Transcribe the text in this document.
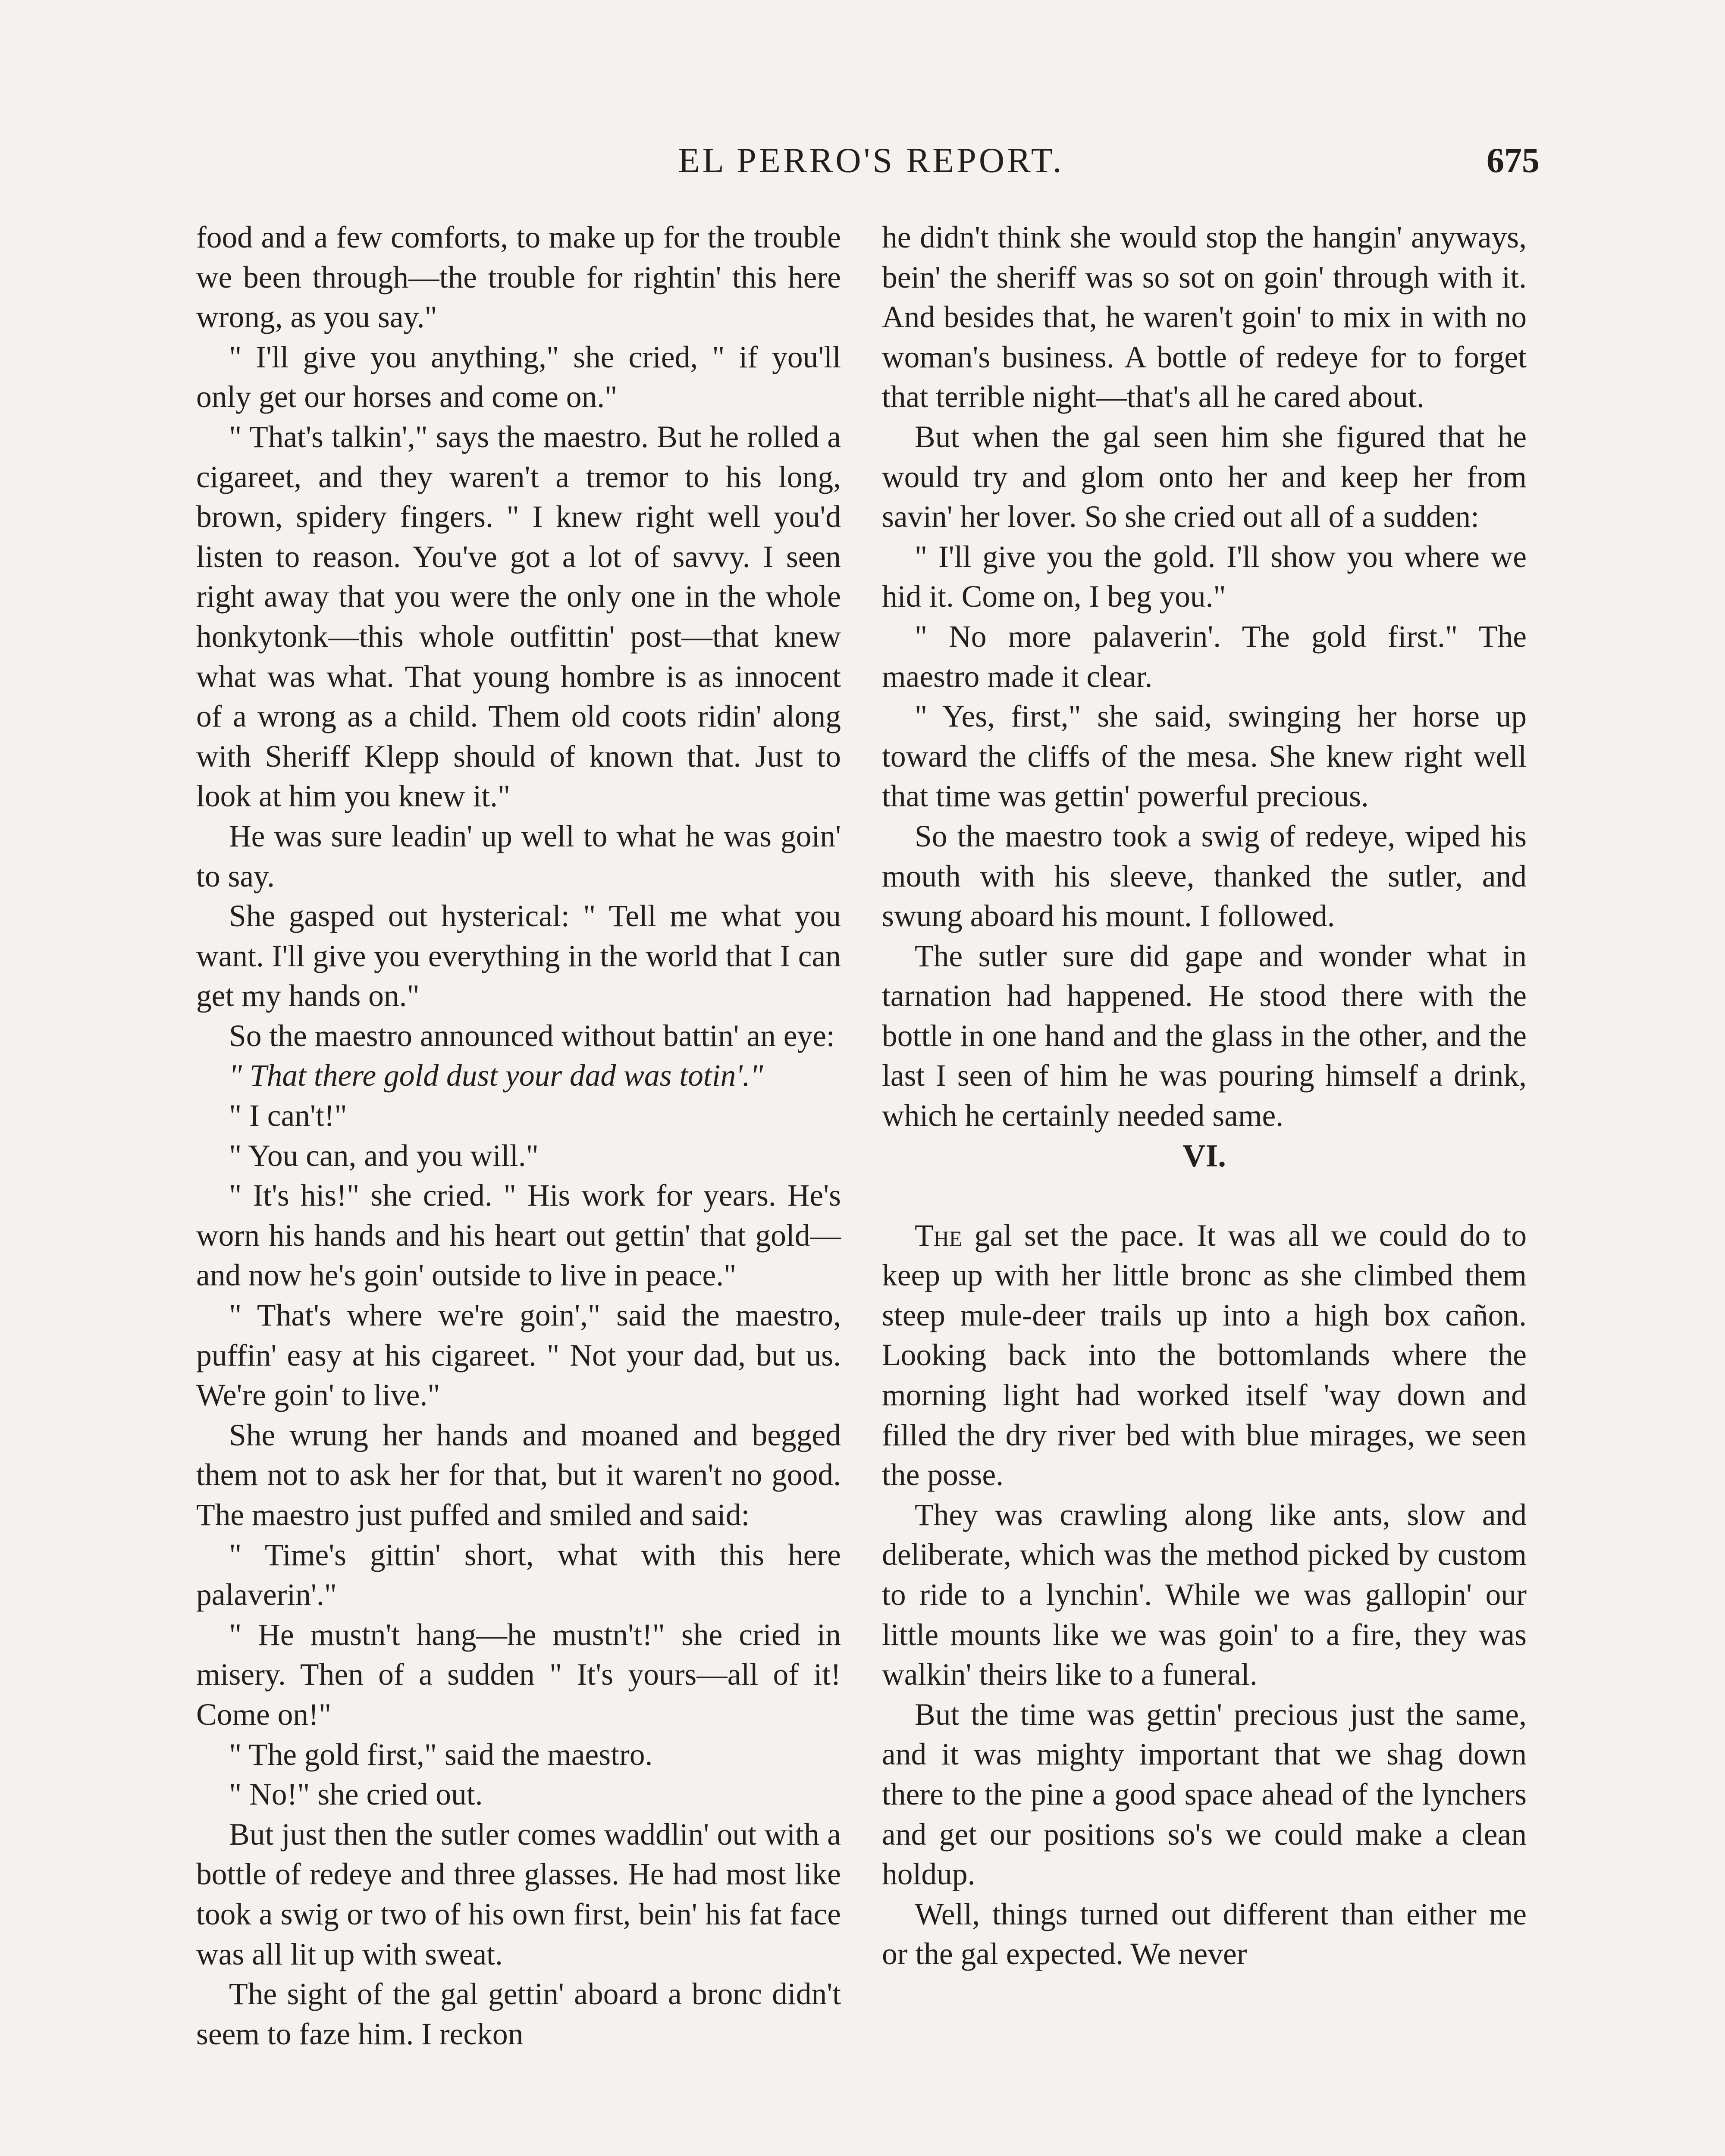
EL PERRO'S REPORT.	675

food and a few comforts, to make up for the trouble we been through—the trouble for rightin' this here wrong, as you say."

" I'll give you anything," she cried, " if you'll only get our horses and come on."

" That's talkin'," says the maestro. But he rolled a cigareet, and they waren't a tremor to his long, brown, spidery fingers. " I knew right well you'd listen to reason. You've got a lot of savvy. I seen right away that you were the only one in the whole honkytonk—this whole outfittin' post—that knew what was what. That young hombre is as innocent of a wrong as a child. Them old coots ridin' along with Sheriff Klepp should of known that. Just to look at him you knew it."

He was sure leadin' up well to what he was goin' to say.

She gasped out hysterical: " Tell me what you want. I'll give you everything in the world that I can get my hands on."

So the maestro announced without battin' an eye:

" That there gold dust your dad was totin'."

" I can't!"

" You can, and you will."

" It's his!" she cried. " His work for years. He's worn his hands and his heart out gettin' that gold—and now he's goin' outside to live in peace."

" That's where we're goin'," said the maestro, puffin' easy at his cigareet. " Not your dad, but us. We're goin' to live."

She wrung her hands and moaned and begged them not to ask her for that, but it waren't no good. The maestro just puffed and smiled and said:

" Time's gittin' short, what with this here palaverin'."

" He mustn't hang—he mustn't!" she cried in misery. Then of a sudden " It's yours—all of it! Come on!"

" The gold first," said the maestro.

" No!" she cried out.

But just then the sutler comes waddlin' out with a bottle of redeye and three glasses. He had most like took a swig or two of his own first, bein' his fat face was all lit up with sweat.

The sight of the gal gettin' aboard a bronc didn't seem to faze him. I reckon

he didn't think she would stop the hangin' anyways, bein' the sheriff was so sot on goin' through with it. And besides that, he waren't goin' to mix in with no woman's business. A bottle of redeye for to forget that terrible night—that's all he cared about.

But when the gal seen him she figured that he would try and glom onto her and keep her from savin' her lover. So she cried out all of a sudden:

" I'll give you the gold. I'll show you where we hid it. Come on, I beg you."

" No more palaverin'. The gold first." The maestro made it clear.

" Yes, first," she said, swinging her horse up toward the cliffs of the mesa. She knew right well that time was gettin' powerful precious.

So the maestro took a swig of redeye, wiped his mouth with his sleeve, thanked the sutler, and swung aboard his mount. I followed.

The sutler sure did gape and wonder what in tarnation had happened. He stood there with the bottle in one hand and the glass in the other, and the last I seen of him he was pouring himself a drink, which he certainly needed same.

VI.

The gal set the pace. It was all we could do to keep up with her little bronc as she climbed them steep mule-deer trails up into a high box cañon. Looking back into the bottomlands where the morning light had worked itself 'way down and filled the dry river bed with blue mirages, we seen the posse.

They was crawling along like ants, slow and deliberate, which was the method picked by custom to ride to a lynchin'. While we was gallopin' our little mounts like we was goin' to a fire, they was walkin' theirs like to a funeral.

But the time was gettin' precious just the same, and it was mighty important that we shag down there to the pine a good space ahead of the lynchers and get our positions so's we could make a clean holdup.

Well, things turned out different than either me or the gal expected. We never
